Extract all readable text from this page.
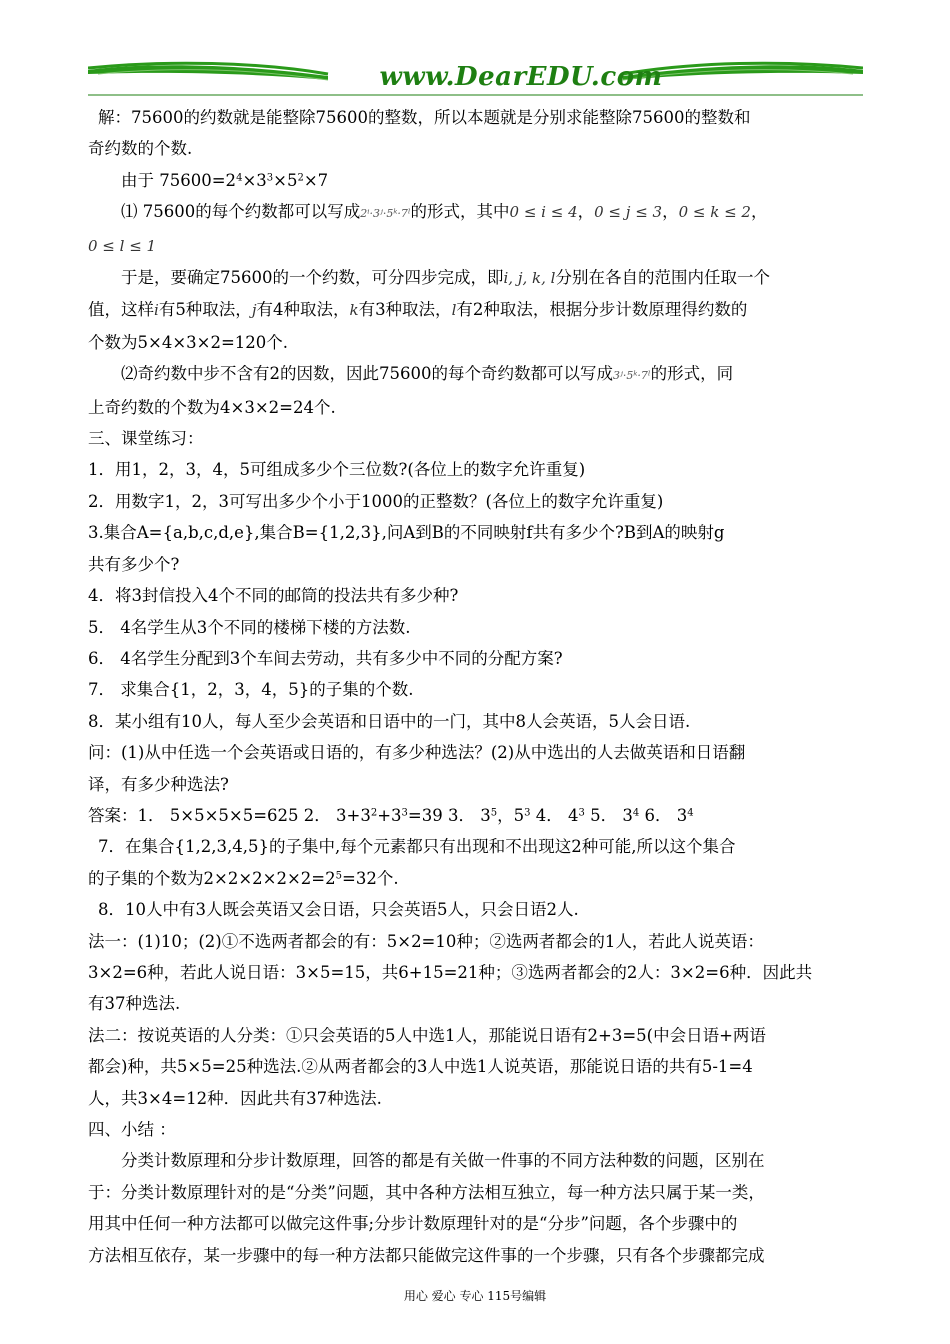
www.DearEDU.com

解：75600的约数就是能整除75600的整数，所以本题就是分别求能整除75600的整数和

奇约数的个数.

由于 $75600=2^4\times 3^3\times 5^2\times 7$

⑴ 75600的每个约数都可以写成2ⁱ·3ʲ·5ᵏ·7ˡ的形式，其中0 ≤ i ≤ 4，0 ≤ j ≤ 3，0 ≤ k ≤ 2，

0 ≤ l ≤ 1

于是，要确定75600的一个约数，可分四步完成，即i, j, k, l分别在各自的范围内任取一个

值，这样i有5种取法，j有4种取法，k有3种取法，l有2种取法，根据分步计数原理得约数的

个数为5×4×3×2=120个.

⑵奇约数中步不含有2的因数，因此75600的每个奇约数都可以写成3ʲ·5ᵏ·7ˡ的形式，同

上奇约数的个数为4×3×2=24个.

三、课堂练习：

1．用1，2，3，4，5可组成多少个三位数?(各位上的数字允许重复)

2．用数字1，2，3可写出多少个小于1000的正整数？(各位上的数字允许重复)

3.集合A={a,b,c,d,e},集合B={1,2,3},问A到B的不同映射f共有多少个?B到A的映射g

共有多少个?

4．将3封信投入4个不同的邮筒的投法共有多少种?

5． 4名学生从3个不同的楼梯下楼的方法数.

6． 4名学生分配到3个车间去劳动，共有多少中不同的分配方案?

7． 求集合{1，2，3，4，5}的子集的个数.

8．某小组有10人，每人至少会英语和日语中的一门，其中8人会英语，5人会日语.

问：(1)从中任选一个会英语或日语的，有多少种选法？(2)从中选出的人去做英语和日语翻

译，有多少种选法?

答案：1． 5×5×5×5=625 2． $3+3^2+3^3=39$ 3． $3^5$，$5^3$ 4． $4^3$ 5． $3^4$ 6． $3^4$

7．在集合{1,2,3,4,5}的子集中,每个元素都只有出现和不出现这2种可能,所以这个集合

的子集的个数为$2\times 2\times 2\times 2\times 2=2^5=32$个.

8．10人中有3人既会英语又会日语，只会英语5人，只会日语2人.

法一：(1)10；(2)①不选两者都会的有：5×2=10种；②选两者都会的1人，若此人说英语：

3×2=6种，若此人说日语：3×5=15，共6+15=21种；③选两者都会的2人：3×2=6种．因此共

有37种选法.

法二：按说英语的人分类：①只会英语的5人中选1人，那能说日语有2+3=5(中会日语+两语

都会)种，共5×5=25种选法.②从两者都会的3人中选1人说英语，那能说日语的共有5-1=4

人，共3×4=12种．因此共有37种选法.

四、小结 ：

分类计数原理和分步计数原理，回答的都是有关做一件事的不同方法种数的问题，区别在

于：分类计数原理针对的是“分类”问题，其中各种方法相互独立，每一种方法只属于某一类，

用其中任何一种方法都可以做完这件事;分步计数原理针对的是“分步”问题，各个步骤中的

方法相互依存，某一步骤中的每一种方法都只能做完这件事的一个步骤，只有各个步骤都完成

用心 爱心 专心 115号编辑
